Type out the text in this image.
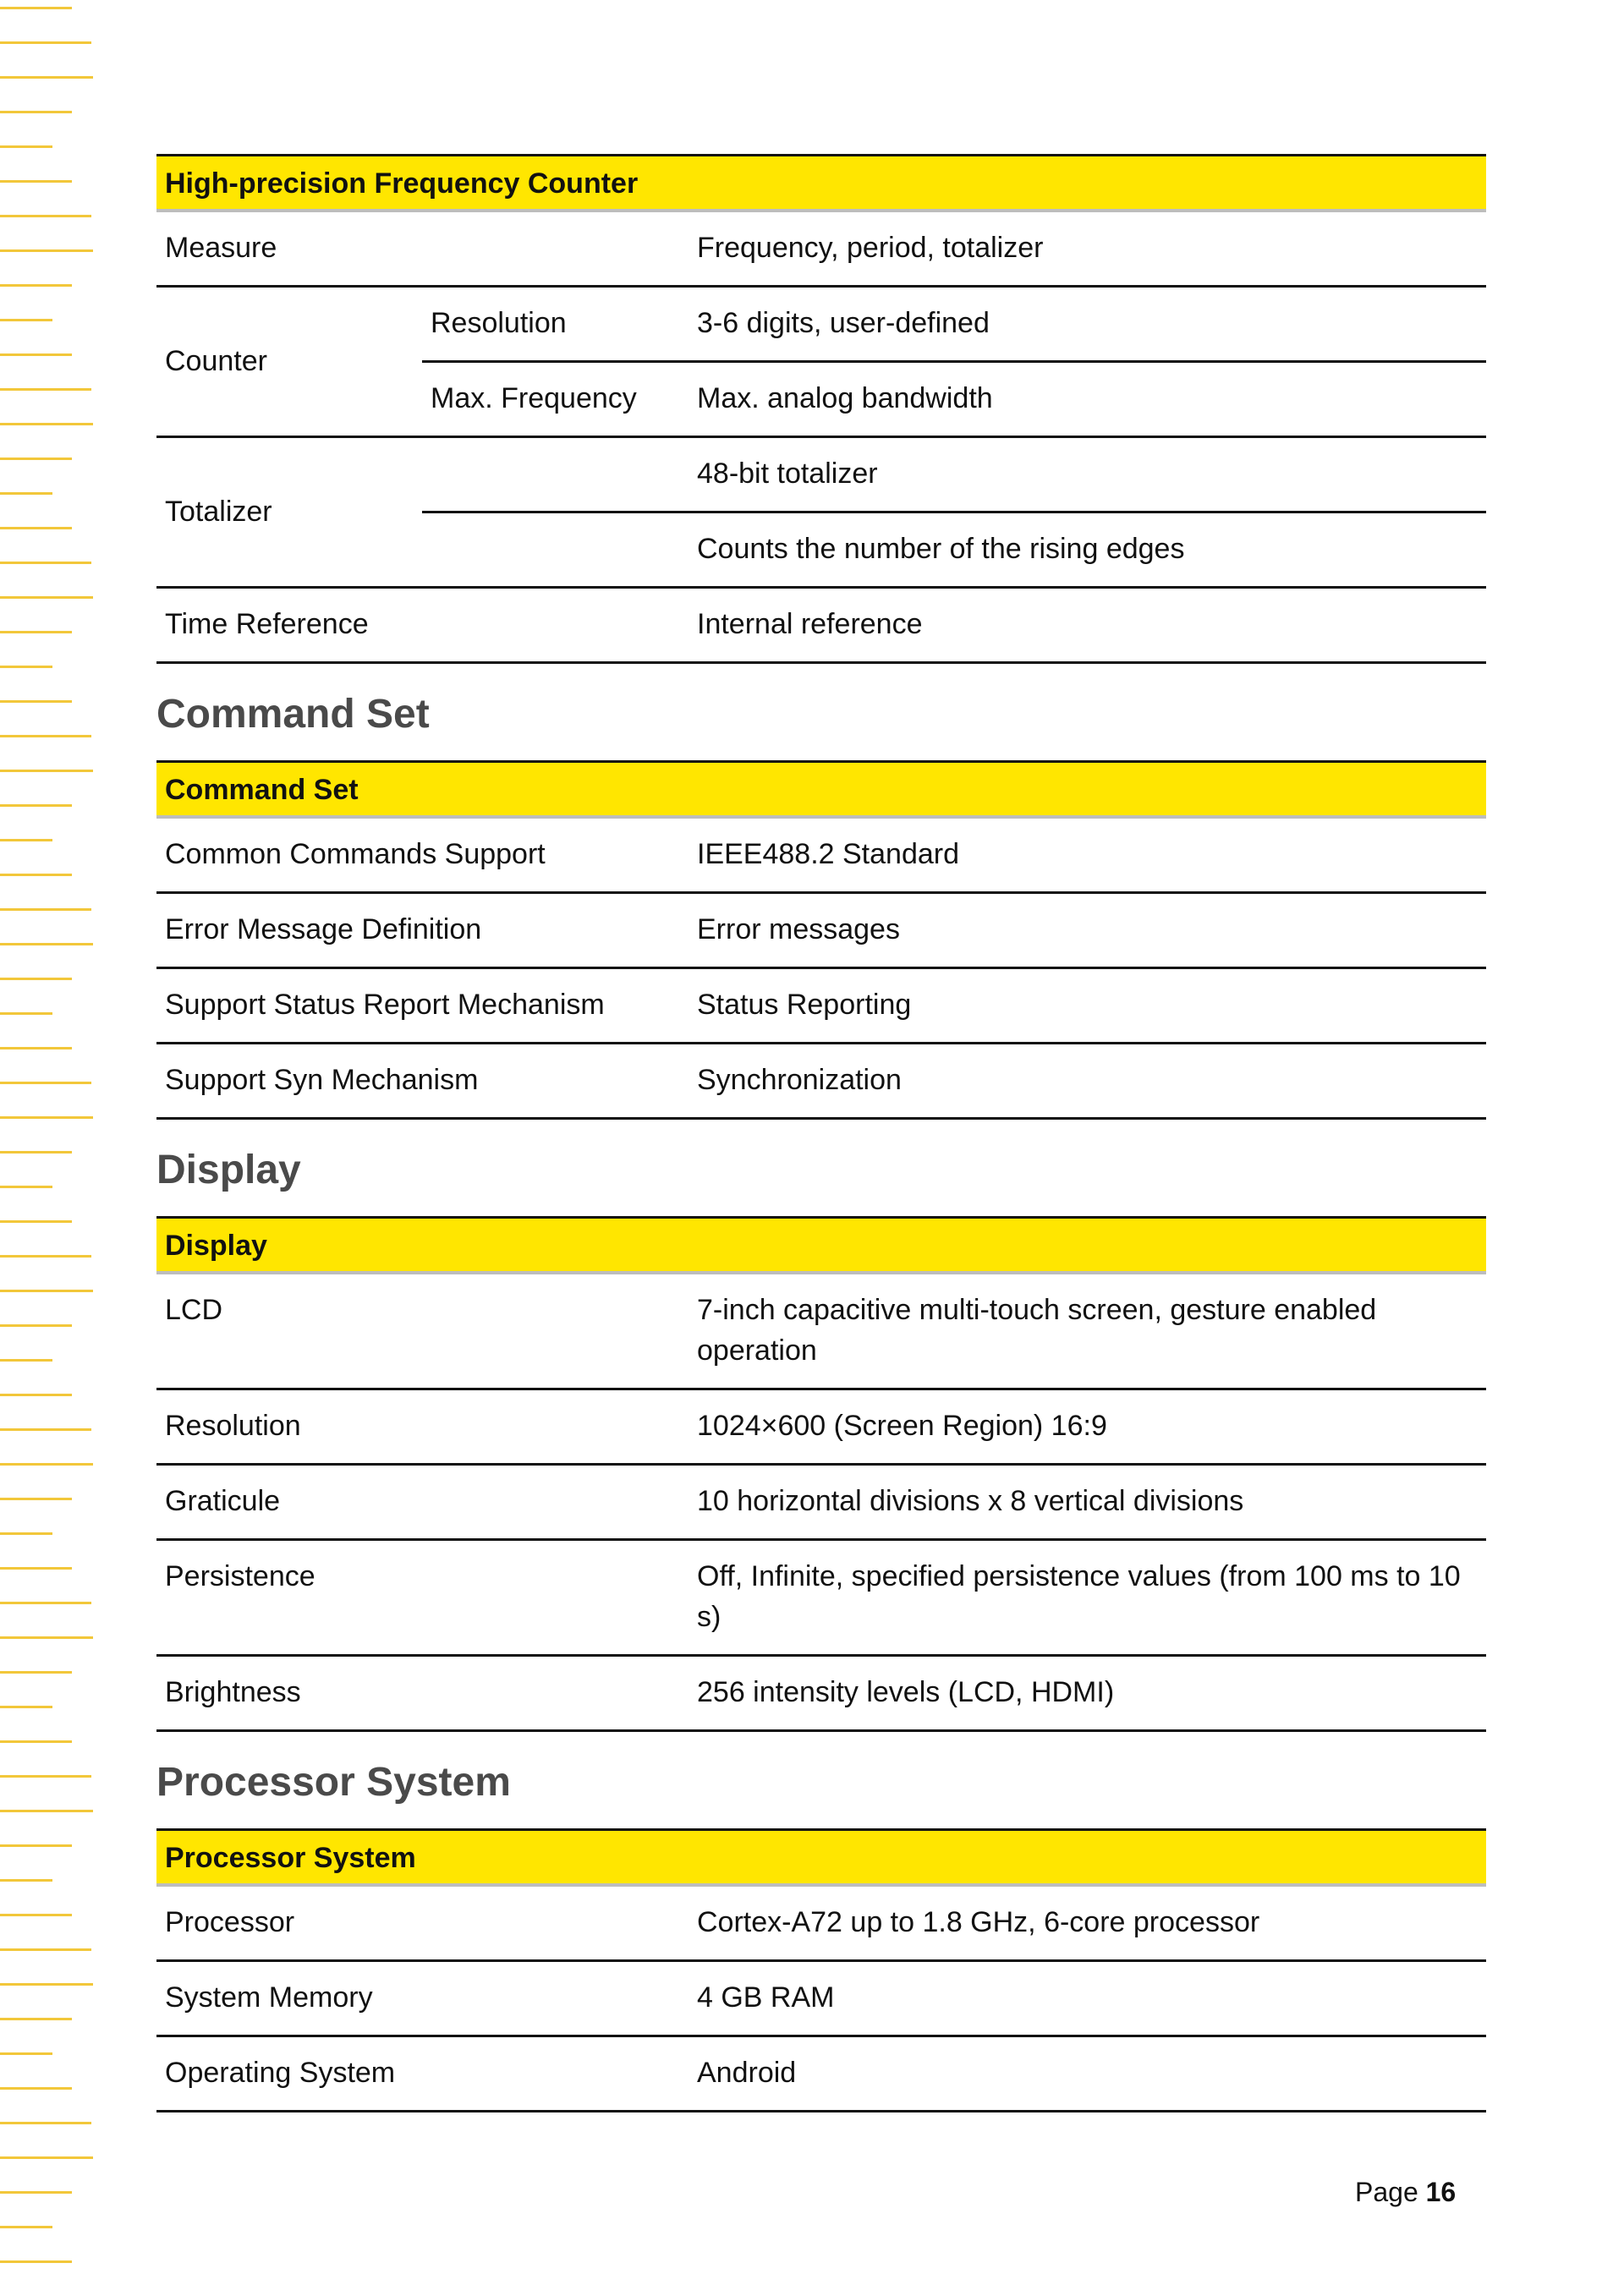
High-precision Frequency Counter		
Measure		Frequency, period, totalizer
Counter	Resolution	3-6 digits, user-defined
	Max. Frequency	Max. analog bandwidth
Totalizer		48-bit totalizer
		Counts the number of the rising edges
Time Reference		Internal reference
Command Set
Command Set	
Common Commands Support	IEEE488.2 Standard
Error Message Definition	Error messages
Support Status Report Mechanism	Status Reporting
Support Syn Mechanism	Synchronization
Display
Display	
LCD	7-inch capacitive multi-touch screen, gesture enabled operation
Resolution	1024×600 (Screen Region) 16:9
Graticule	10 horizontal divisions x 8 vertical divisions
Persistence	Off, Infinite, specified persistence values (from 100 ms to 10 s)
Brightness	256 intensity levels (LCD, HDMI)
Processor System
Processor System	
Processor	Cortex-A72 up to 1.8 GHz, 6-core processor
System Memory	4 GB RAM
Operating System	Android
Page 16
